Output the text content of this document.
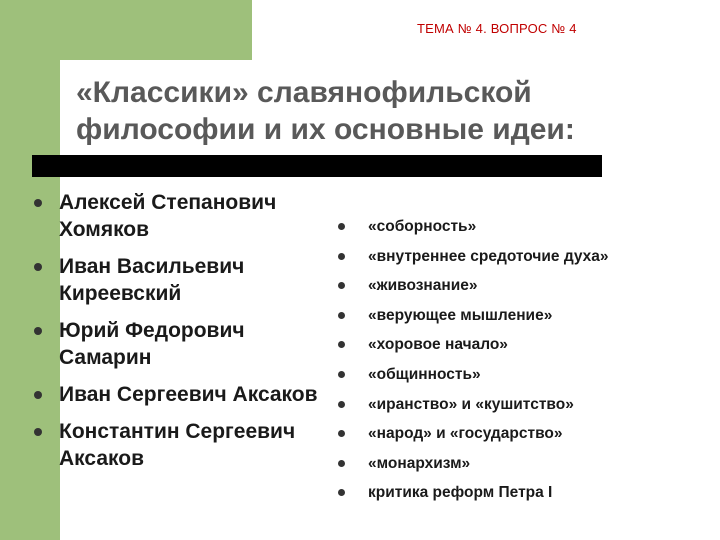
ТЕМА № 4. ВОПРОС № 4
«Классики» славянофильской философии и их основные идеи:
Алексей Степанович Хомяков
Иван Васильевич Киреевский
Юрий Федорович Самарин
Иван Сергеевич Аксаков
Константин Сергеевич Аксаков
«соборность»
«внутреннее средоточие духа»
«живознание»
«верующее мышление»
«хоровое начало»
«общинность»
«иранство» и «кушитство»
«народ» и «государство»
«монархизм»
критика реформ Петра I
